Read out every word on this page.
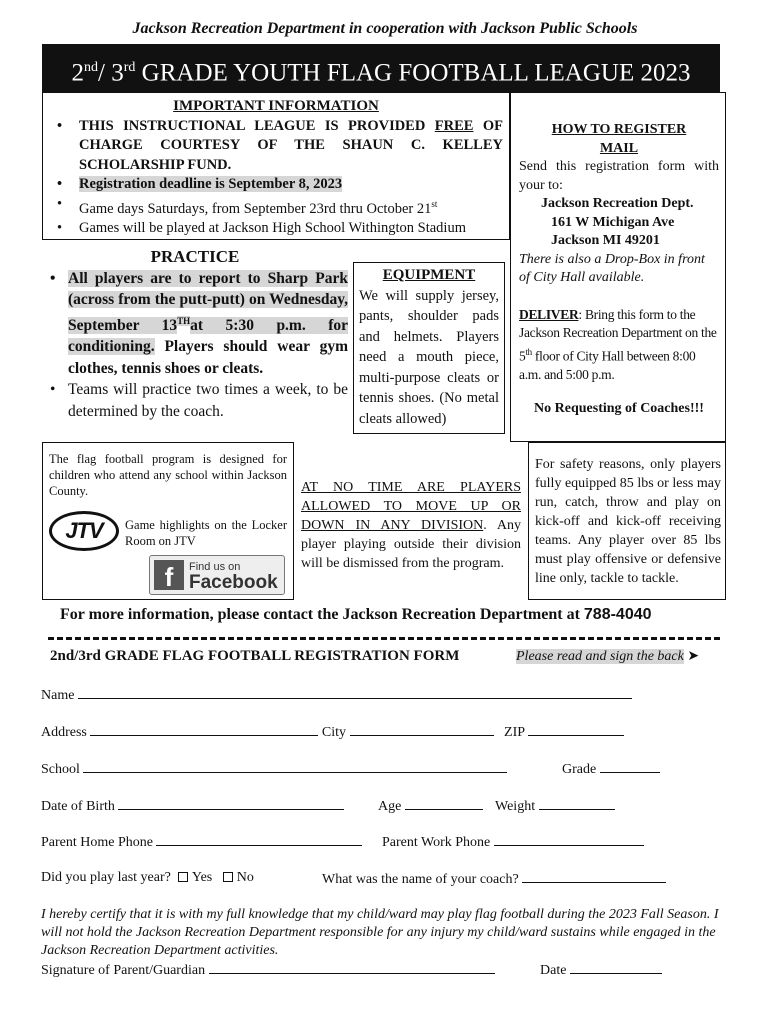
Jackson Recreation Department in cooperation with Jackson Public Schools
2nd/ 3rd GRADE YOUTH FLAG FOOTBALL LEAGUE 2023
IMPORTANT INFORMATION
• THIS INSTRUCTIONAL LEAGUE IS PROVIDED FREE OF CHARGE COURTESY OF THE SHAUN C. KELLEY SCHOLARSHIP FUND.
• Registration deadline is September 8, 2023
• Game days Saturdays, from September 23rd thru October 21st
• Games will be played at Jackson High School Withington Stadium
HOW TO REGISTER MAIL
Send this registration form with your to:
Jackson Recreation Dept.
161 W Michigan Ave
Jackson MI 49201
There is also a Drop-Box in front of City Hall available.
DELIVER: Bring this form to the Jackson Recreation Department on the 5th floor of City Hall between 8:00 a.m. and 5:00 p.m.
No Requesting of Coaches!!!
PRACTICE
• All players are to report to Sharp Park (across from the putt-putt) on Wednesday, September 13THat 5:30 p.m. for conditioning. Players should wear gym clothes, tennis shoes or cleats.
• Teams will practice two times a week, to be determined by the coach.
EQUIPMENT
We will supply jersey, pants, shoulder pads and helmets. Players need a mouth piece, multi-purpose cleats or tennis shoes. (No metal cleats allowed)
The flag football program is designed for children who attend any school within Jackson County.
JTV Game highlights on the Locker Room on JTV
f	Find us on
Facebook
AT NO TIME ARE PLAYERS ALLOWED TO MOVE UP OR DOWN IN ANY DIVISION. Any player playing outside their division will be dismissed from the program.
For safety reasons, only players fully equipped 85 lbs or less may run, catch, throw and play on kick-off and kick-off receiving teams. Any player over 85 lbs must play offensive or defensive line only, tackle to tackle.
For more information, please contact the Jackson Recreation Department at 788-4040
2nd/3rd GRADE FLAG FOOTBALL REGISTRATION FORM	Please read and sign the back ➤
Name
Address	City	ZIP
School	Grade
Date of Birth	Age	Weight
Parent Home Phone	Parent Work Phone
Did you play last year? Yes No	What was the name of your coach?
I hereby certify that it is with my full knowledge that my child/ward may play flag football during the 2023 Fall Season. I will not hold the Jackson Recreation Department responsible for any injury my child/ward sustains while engaged in the Jackson Recreation Department activities.
Signature of Parent/Guardian	Date
